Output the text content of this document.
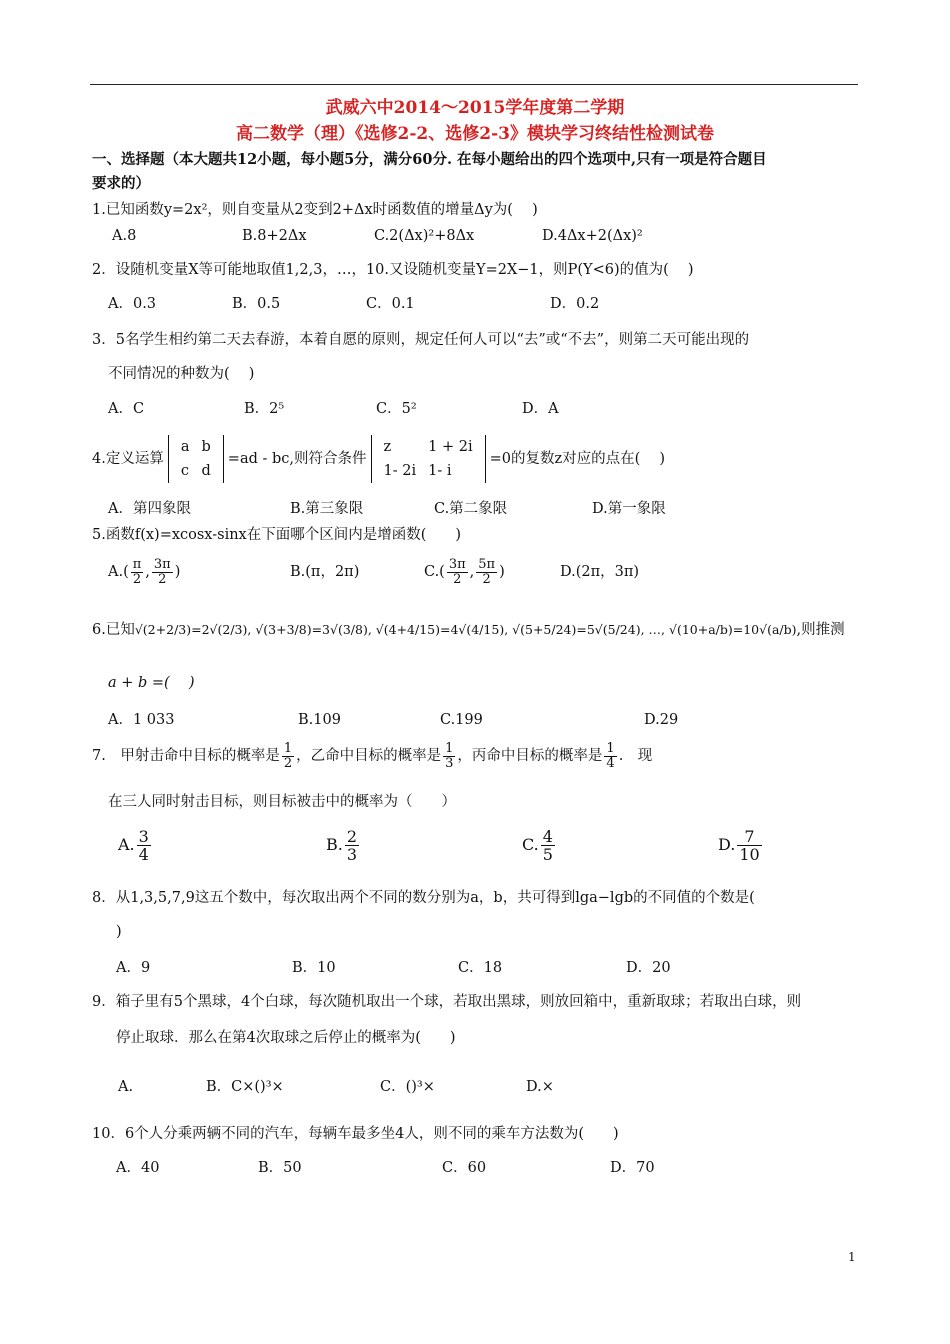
武威六中2014～2015学年度第二学期
高二数学（理）《选修2-2、选修2-3》模块学习终结性检测试卷
一、选择题（本大题共12小题，每小题5分，满分60分. 在每小题给出的四个选项中,只有一项是符合题目
要求的）
1.已知函数y=2x²，则自变量从2变到2+Δx时函数值的增量Δy为(　 )
A.8	B.8+2Δx	C.2(Δx)²+8Δx	D.4Δx+2(Δx)²
2．设随机变量X等可能地取值1,2,3，…，10.又设随机变量Y=2X−1，则P(Y<6)的值为(　 )
A．0.3	B．0.5	C．0.1	D．0.2
3．5名学生相约第二天去春游，本着自愿的原则，规定任何人可以“去”或“不去”，则第二天可能出现的
不同情况的种数为(　 )
A．C	B．2⁵	C．5²	D．A
4.定义运算
a	b
c	d
=ad - bc,则符合条件
z	1 + 2i
1- 2i	1- i
=0的复数z对应的点在(　 )
A．第四象限	B.第三象限	C.第二象限	D.第一象限
5.函数f(x)=xcosx-sinx在下面哪个区间内是增函数(　　)
$A.( \frac{\pi}{2}$ , $\frac{3\pi}{2}$ )	B.(π，2π)	$C.( \frac{3\pi}{2}$ , $\frac{5\pi}{2}$ )	D.(2π，3π)
6.已知√(2+2/3)=2√(2/3), √(3+3/8)=3√(3/8), √(4+4/15)=4√(4/15), √(5+5/24)=5√(5/24), …, √(10+a/b)=10√(a/b),则推测
a + b =(　 )
A．1 033	B.109	C.199	D.29
7.　甲射击命中目标的概率是 $\frac{1}{2}$ ，乙命中目标的概率是 $\frac{1}{3}$ ，丙命中目标的概率是 $\frac{1}{4}$ .　现
在三人同时射击目标，则目标被击中的概率为（　　）
A. $\frac{3}{4}$	B. $\frac{2}{3}$	C. $\frac{4}{5}$	D. $\frac{7}{10}$
8．从1,3,5,7,9这五个数中，每次取出两个不同的数分别为a，b，共可得到lga−lgb的不同值的个数是(
)
A．9	B．10	C．18	D．20
9．箱子里有5个黑球，4个白球，每次随机取出一个球，若取出黑球，则放回箱中，重新取球；若取出白球，则
停止取球．那么在第4次取球之后停止的概率为(　　)
A.	B．C×()³×	C．()³×	D.×
10．6个人分乘两辆不同的汽车，每辆车最多坐4人，则不同的乘车方法数为(　　)
A．40	B．50	C．60	D．70
1
